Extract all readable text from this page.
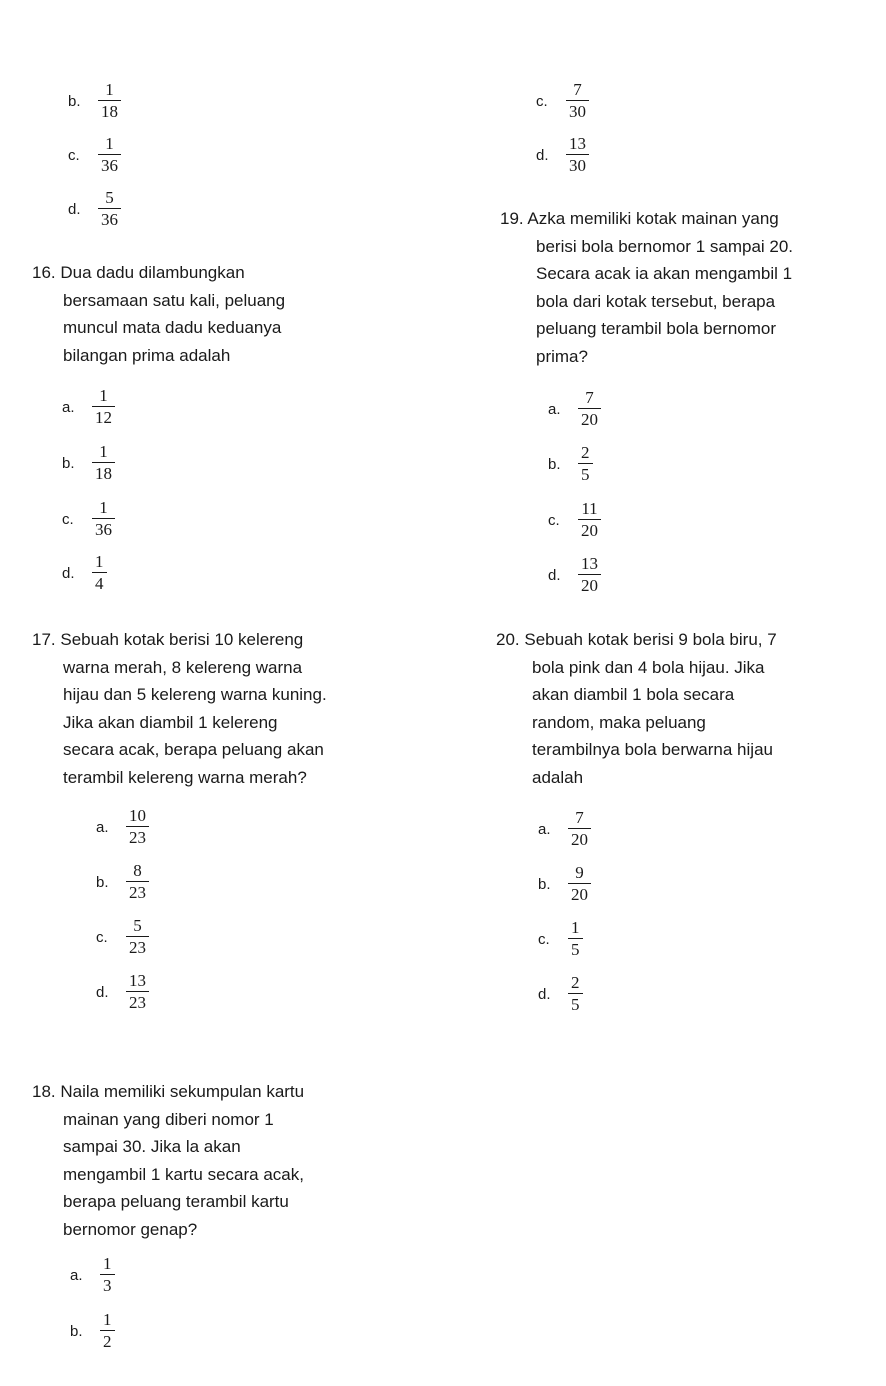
b.	$\frac{1}{18}$
c.	$\frac{1}{36}$
d.	$\frac{5}{36}$
c.	$\frac{7}{30}$
d.	$\frac{13}{30}$
16. Dua dadu dilambungkan
bersamaan satu kali, peluang
muncul mata dadu keduanya
bilangan prima adalah
a.	$\frac{1}{12}$
b.	$\frac{1}{18}$
c.	$\frac{1}{36}$
d.	$\frac{1}{4}$
17. Sebuah kotak berisi 10 kelereng
warna merah, 8 kelereng warna
hijau dan 5 kelereng warna kuning.
Jika akan diambil 1 kelereng
secara acak, berapa peluang akan
terambil kelereng warna merah?
a.	$\frac{10}{23}$
b.	$\frac{8}{23}$
c.	$\frac{5}{23}$
d.	$\frac{13}{23}$
18. Naila memiliki sekumpulan kartu
mainan yang diberi nomor 1
sampai 30. Jika la akan
mengambil 1 kartu secara acak,
berapa peluang terambil kartu
bernomor genap?
a.	$\frac{1}{3}$
b.	$\frac{1}{2}$
19. Azka memiliki kotak mainan yang
berisi bola bernomor 1 sampai 20.
Secara acak ia akan mengambil 1
bola dari kotak tersebut, berapa
peluang terambil bola bernomor
prima?
a.	$\frac{7}{20}$
b.	$\frac{2}{5}$
c.	$\frac{11}{20}$
d.	$\frac{13}{20}$
20. Sebuah kotak berisi 9 bola biru, 7
bola pink dan 4 bola hijau. Jika
akan diambil 1 bola secara
random, maka peluang
terambilnya bola berwarna hijau
adalah
a.	$\frac{7}{20}$
b.	$\frac{9}{20}$
c.	$\frac{1}{5}$
d.	$\frac{2}{5}$
